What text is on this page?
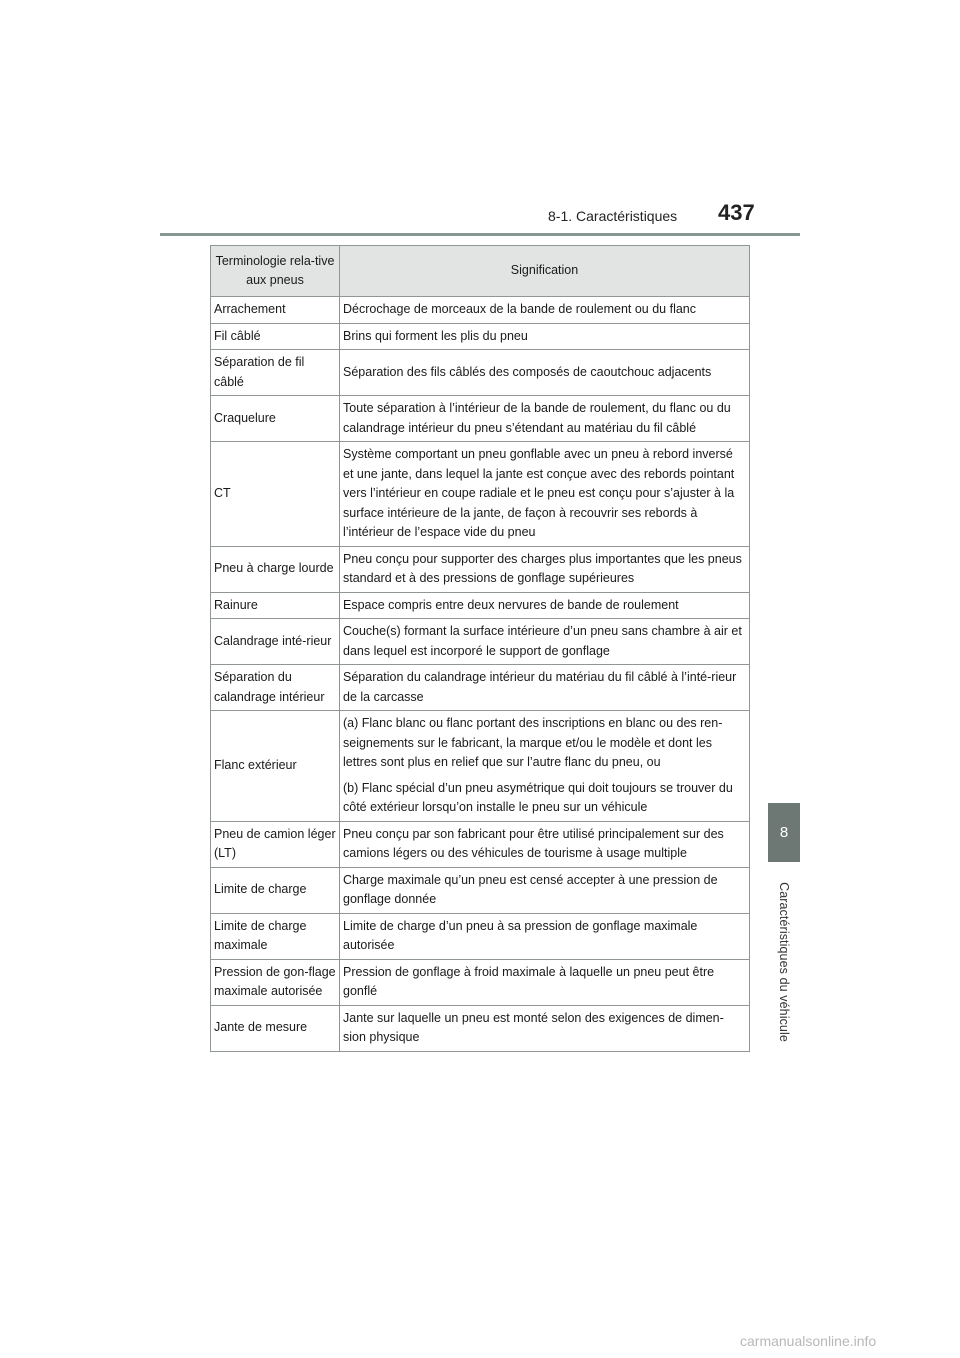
8-1. Caractéristiques 437
8
Caractéristiques du véhicule
Terminologie rela-tive aux pneus	Signification
Arrachement	Décrochage de morceaux de la bande de roulement ou du flanc

Fil câblé	Brins qui forment les plis du pneu

Séparation de fil câblé	Séparation des fils câblés des composés de caoutchouc adjacents

Craquelure	Toute séparation à l’intérieur de la bande de roulement, du flanc ou du calandrage intérieur du pneu s’étendant au matériau du fil câblé

CT	Système comportant un pneu gonflable avec un pneu à rebord inversé et une jante, dans lequel la jante est conçue avec des rebords pointant vers l’intérieur en coupe radiale et le pneu est conçu pour s’ajuster à la surface intérieure de la jante, de façon à recouvrir ses rebords à l’intérieur de l’espace vide du pneu

Pneu à charge lourde	Pneu conçu pour supporter des charges plus importantes que les pneus standard et à des pressions de gonflage supérieures

Rainure	Espace compris entre deux nervures de bande de roulement

Calandrage inté-rieur	Couche(s) formant la surface intérieure d’un pneu sans chambre à air et dans lequel est incorporé le support de gonflage

Séparation du calandrage intérieur	Séparation du calandrage intérieur du matériau du fil câblé à l’inté-rieur de la carcasse

Flanc extérieur	(a) Flanc blanc ou flanc portant des inscriptions en blanc ou des ren-seignements sur le fabricant, la marque et/ou le modèle et dont les lettres sont plus en relief que sur l’autre flanc du pneu, ou

(b) Flanc spécial d’un pneu asymétrique qui doit toujours se trouver du côté extérieur lorsqu’on installe le pneu sur un véhicule

Pneu de camion léger (LT)	Pneu conçu par son fabricant pour être utilisé principalement sur des camions légers ou des véhicules de tourisme à usage multiple

Limite de charge	Charge maximale qu’un pneu est censé accepter à une pression de gonflage donnée

Limite de charge maximale	Limite de charge d’un pneu à sa pression de gonflage maximale autorisée

Pression de gon-flage maximale autorisée	Pression de gonflage à froid maximale à laquelle un pneu peut être gonflé

Jante de mesure	Jante sur laquelle un pneu est monté selon des exigences de dimen-sion physique

carmanualsonline.info
